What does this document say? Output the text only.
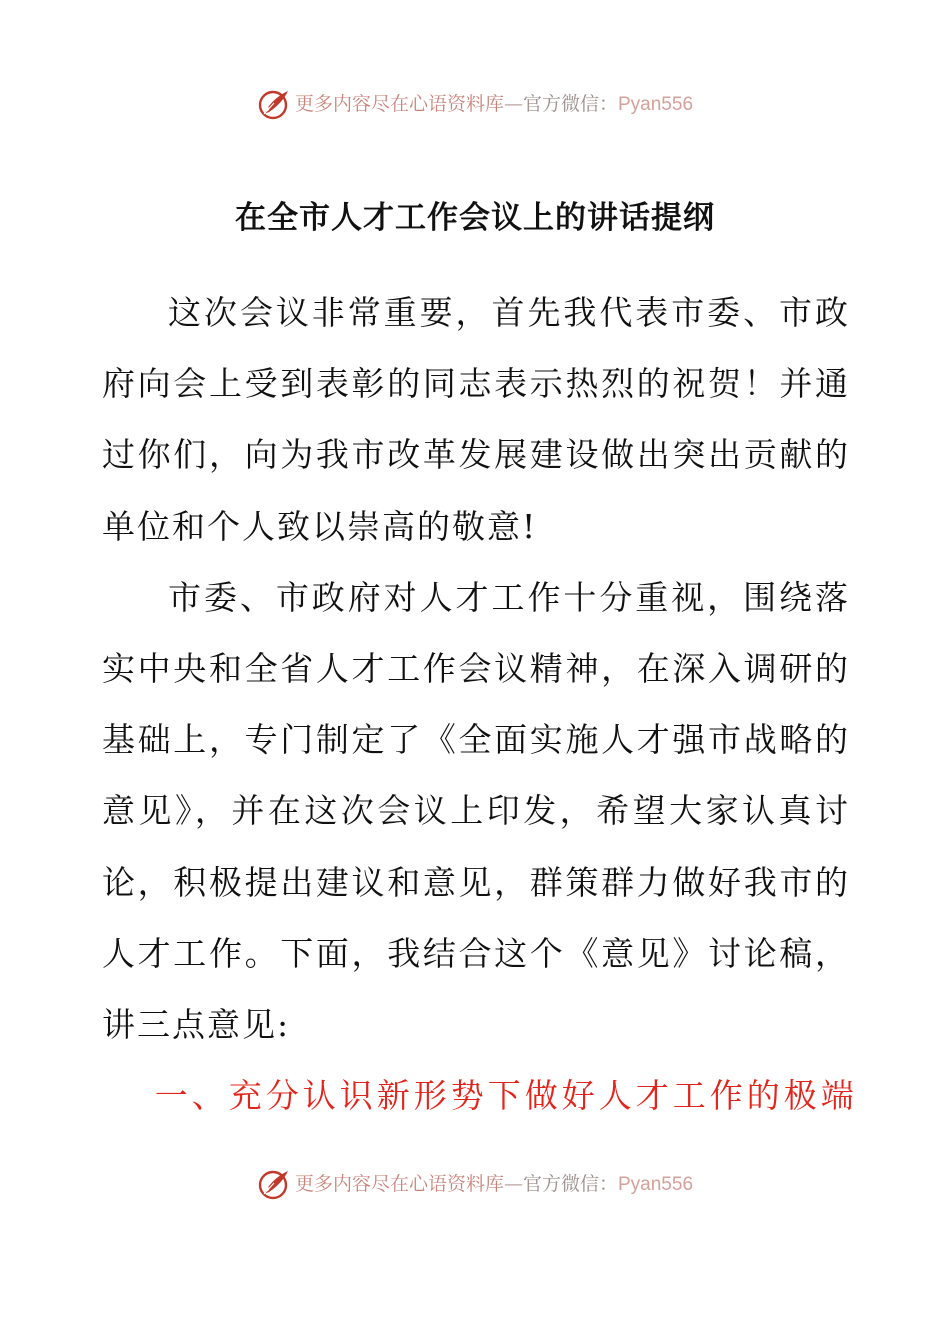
更多内容尽在心语资料库—官方微信：Pyan556
在全市人才工作会议上的讲话提纲

这次会议非常重要，首先我代表市委、市政府向会上受到表彰的同志表示热烈的祝贺！并通过你们，向为我市改革发展建设做出突出贡献的单位和个人致以崇高的敬意!

市委、市政府对人才工作十分重视，围绕落实中央和全省人才工作会议精神，在深入调研的基础上，专门制定了《全面实施人才强市战略的意见》，并在这次会议上印发，希望大家认真讨论，积极提出建议和意见，群策群力做好我市的人才工作。下面，我结合这个《意见》讨论稿，讲三点意见:

一、充分认识新形势下做好人才工作的极端

更多内容尽在心语资料库—官方微信：Pyan556
